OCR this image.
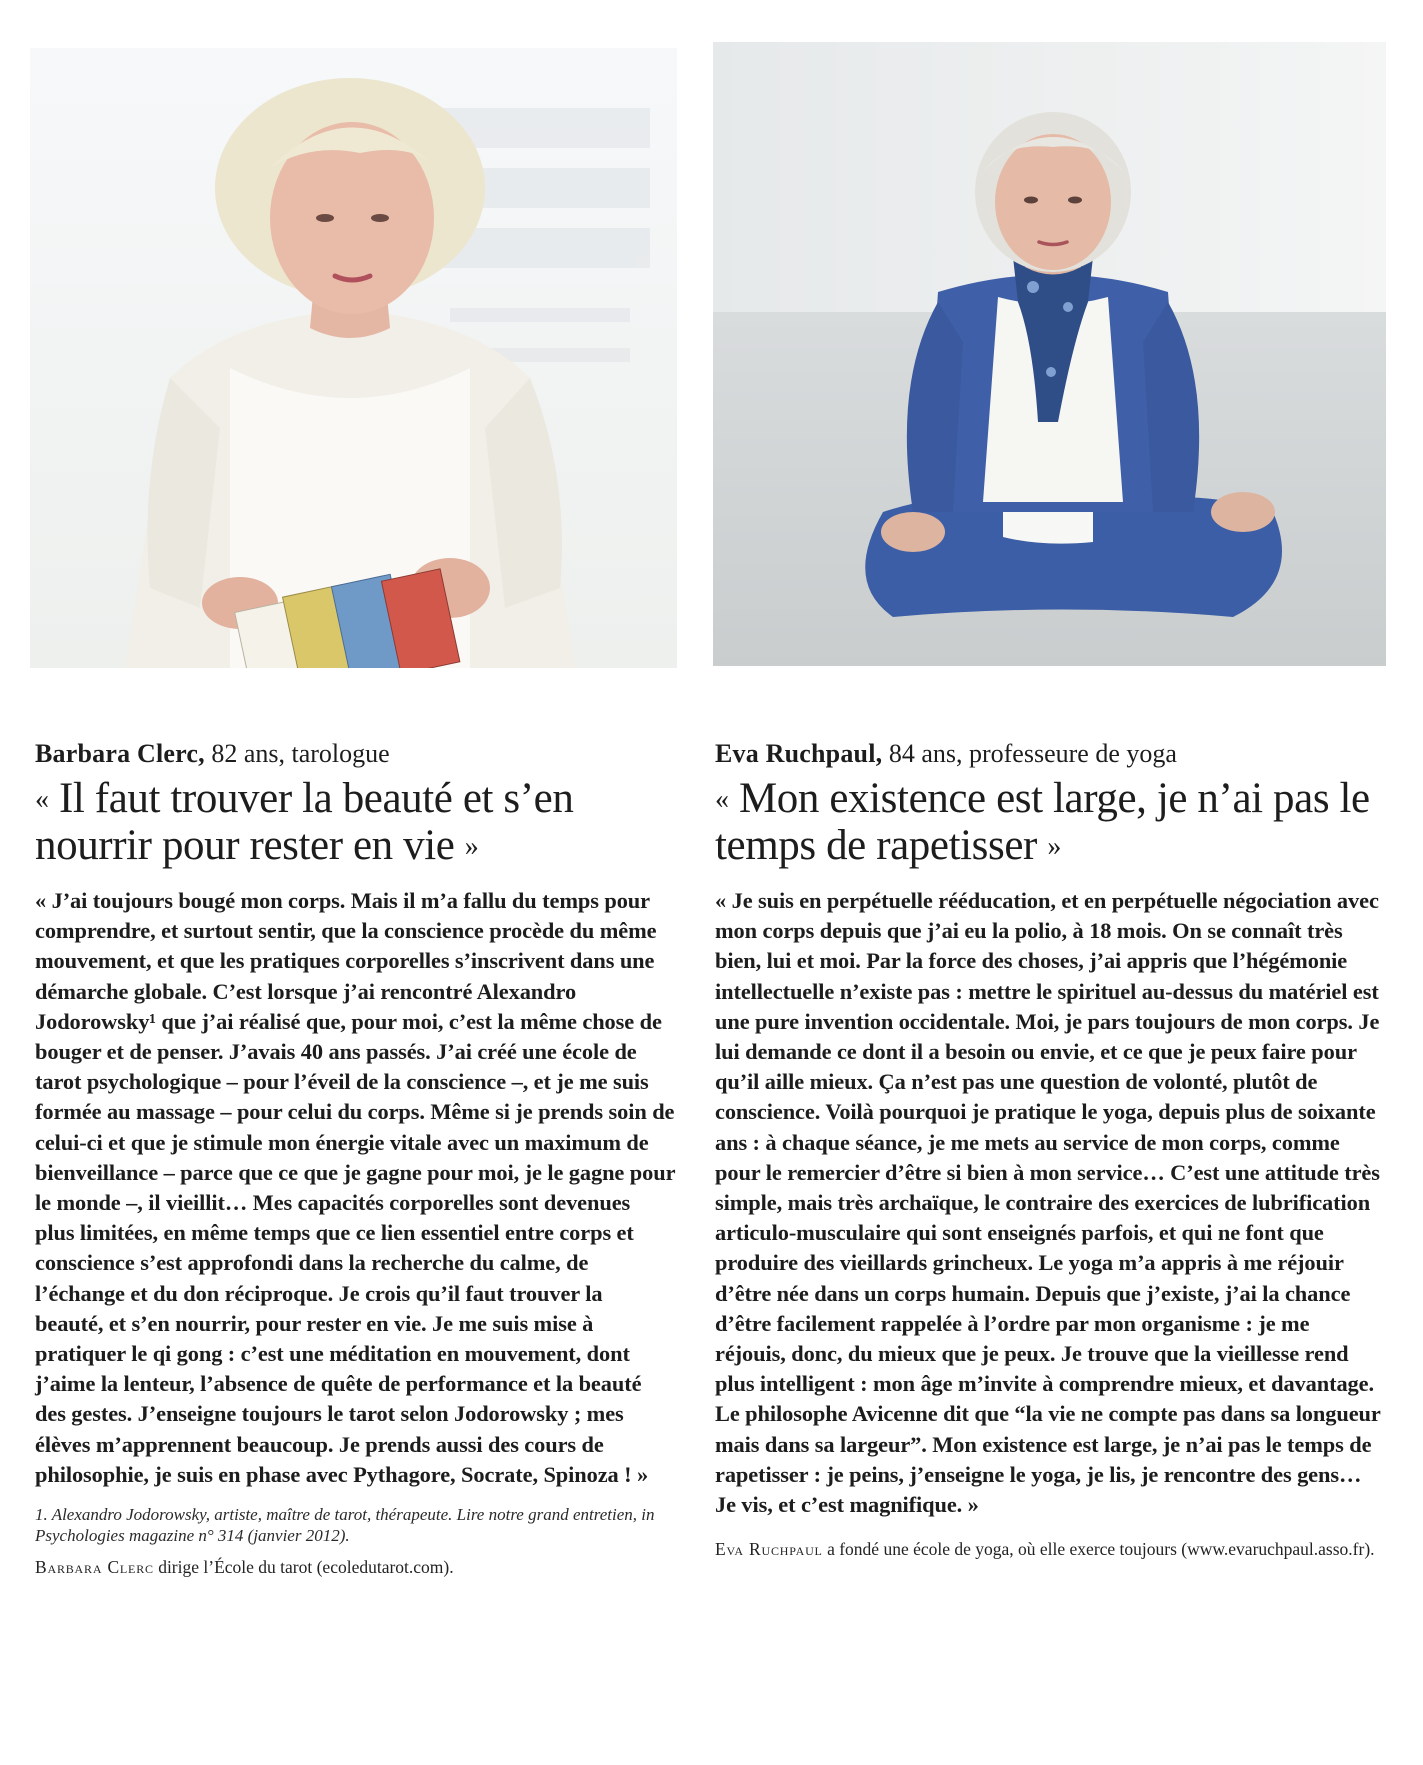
Barbara Clerc, 82 ans, tarologue

« Il faut trouver la beauté et s’en nourrir pour rester en vie »

« J’ai toujours bougé mon corps. Mais il m’a fallu du temps pour comprendre, et surtout sentir, que la conscience procède du même mouvement, et que les pratiques corporelles s’inscrivent dans une démarche globale. C’est lorsque j’ai rencontré Alexandro Jodorowsky¹ que j’ai réalisé que, pour moi, c’est la même chose de bouger et de penser. J’avais 40 ans passés. J’ai créé une école de tarot psychologique – pour l’éveil de la conscience –, et je me suis formée au massage – pour celui du corps. Même si je prends soin de celui-ci et que je stimule mon énergie vitale avec un maximum de bienveillance – parce que ce que je gagne pour moi, je le gagne pour le monde –, il vieillit… Mes capacités corporelles sont devenues plus limitées, en même temps que ce lien essentiel entre corps et conscience s’est approfondi dans la recherche du calme, de l’échange et du don réciproque. Je crois qu’il faut trouver la beauté, et s’en nourrir, pour rester en vie. Je me suis mise à pratiquer le qi gong : c’est une méditation en mouvement, dont j’aime la lenteur, l’absence de quête de performance et la beauté des gestes. J’enseigne toujours le tarot selon Jodorowsky ; mes élèves m’apprennent beaucoup. Je prends aussi des cours de philosophie, je suis en phase avec Pythagore, Socrate, Spinoza ! »

1. Alexandro Jodorowsky, artiste, maître de tarot, thérapeute. Lire notre grand entretien, in Psychologies magazine n° 314 (janvier 2012).

Barbara Clerc dirige l’École du tarot (ecoledutarot.com).

Eva Ruchpaul, 84 ans, professeure de yoga

« Mon existence est large, je n’ai pas le temps de rapetisser »

« Je suis en perpétuelle rééducation, et en perpétuelle négociation avec mon corps depuis que j’ai eu la polio, à 18 mois. On se connaît très bien, lui et moi. Par la force des choses, j’ai appris que l’hégémonie intellectuelle n’existe pas : mettre le spirituel au-dessus du matériel est une pure invention occidentale. Moi, je pars toujours de mon corps. Je lui demande ce dont il a besoin ou envie, et ce que je peux faire pour qu’il aille mieux. Ça n’est pas une question de volonté, plutôt de conscience. Voilà pourquoi je pratique le yoga, depuis plus de soixante ans : à chaque séance, je me mets au service de mon corps, comme pour le remercier d’être si bien à mon service… C’est une attitude très simple, mais très archaïque, le contraire des exercices de lubrification articulo-musculaire qui sont enseignés parfois, et qui ne font que produire des vieillards grincheux. Le yoga m’a appris à me réjouir d’être née dans un corps humain. Depuis que j’existe, j’ai la chance d’être facilement rappelée à l’ordre par mon organisme : je me réjouis, donc, du mieux que je peux. Je trouve que la vieillesse rend plus intelligent : mon âge m’invite à comprendre mieux, et davantage. Le philosophe Avicenne dit que “la vie ne compte pas dans sa longueur mais dans sa largeur”. Mon existence est large, je n’ai pas le temps de rapetisser : je peins, j’enseigne le yoga, je lis, je rencontre des gens… Je vis, et c’est magnifique. »

Eva Ruchpaul a fondé une école de yoga, où elle exerce toujours (www.evaruchpaul.asso.fr).
